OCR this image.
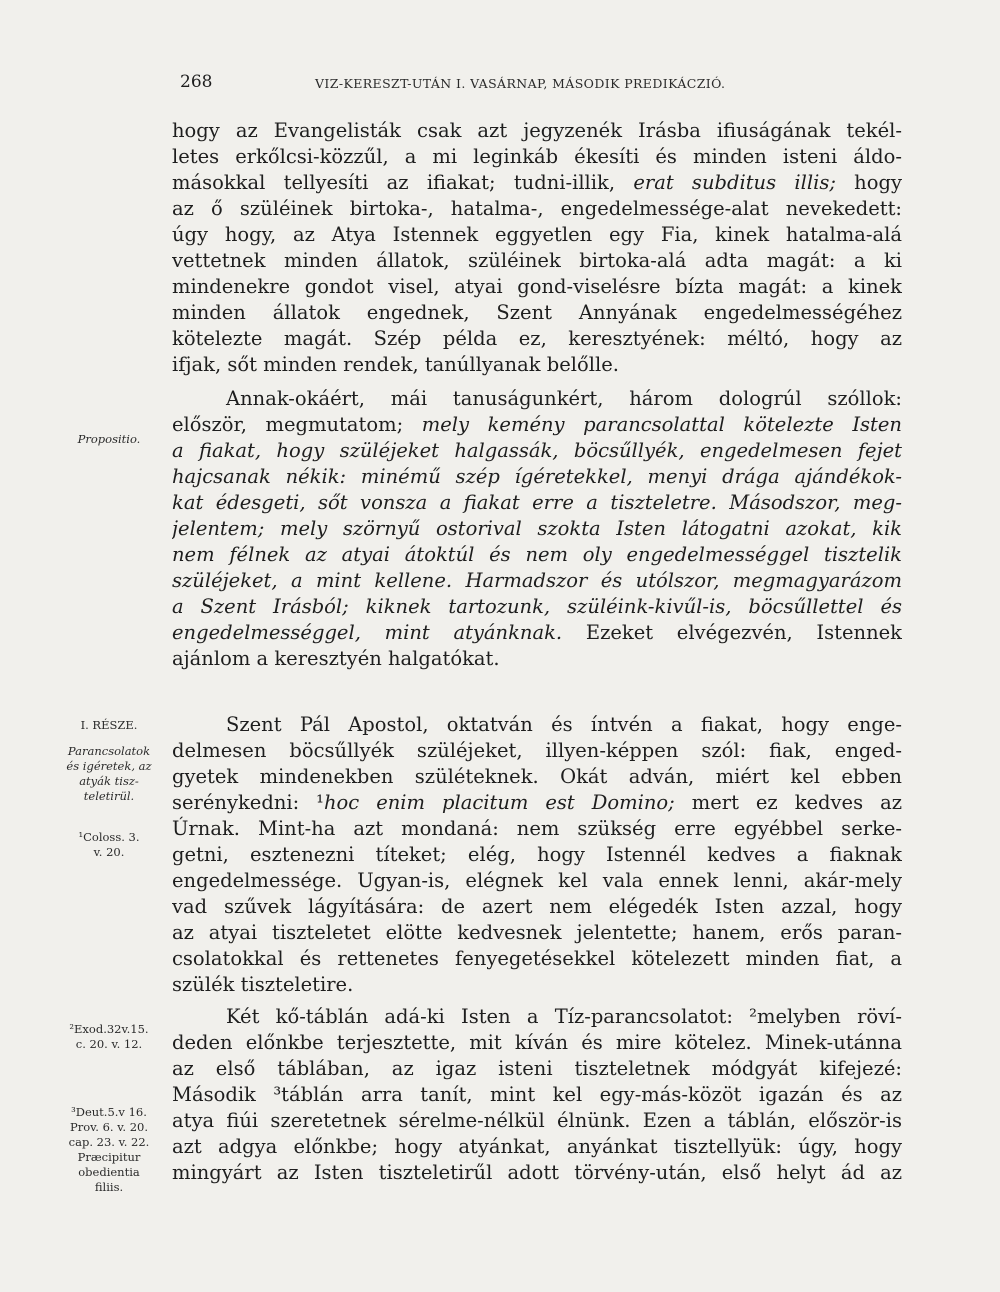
268	VIZ-KERESZT-UTÁN I. VASÁRNAP, MÁSODIK PREDIKÁCZIÓ.
hogy az Evangelisták csak azt jegyzenék Irásba ifiuságának tekél-
letes erkőlcsi-közzűl, a mi leginkáb ékesíti és minden isteni áldo-
másokkal tellyesíti az ifiakat; tudni-illik, erat subditus illis; hogy
az ő szüléinek birtoka-, hatalma-, engedelmessége-alat nevekedett:
úgy hogy, az Atya Istennek eggyetlen egy Fia, kinek hatalma-alá
vettetnek minden állatok, szüléinek birtoka-alá adta magát: a ki
mindenekre gondot visel, atyai gond-viselésre bízta magát: a kinek
minden állatok engednek, Szent Annyának engedelmességéhez
kötelezte magát. Szép példa ez, keresztyének: méltó, hogy az
ifjak, sőt minden rendek, tanúllyanak belőlle.
Annak-okáért, mái tanuságunkért, három dologrúl szóllok:
először, megmutatom; mely kemény parancsolattal kötelezte Isten
a fiakat, hogy szüléjeket halgassák, böcsűllyék, engedelmesen fejet
hajcsanak nékik: minémű szép ígéretekkel, menyi drága ajándékok-
kat édesgeti, sőt vonsza a fiakat erre a tiszteletre. Másodszor, meg-
jelentem; mely szörnyű ostorival szokta Isten látogatni azokat, kik
nem félnek az atyai átoktúl és nem oly engedelmességgel tisztelik
szüléjeket, a mint kellene. Harmadszor és utólszor, megmagyarázom
a Szent Irásból; kiknek tartozunk, szüléink-kivűl-is, böcsűllettel és
engedelmességgel, mint atyánknak. Ezeket elvégezvén, Istennek
ajánlom a keresztyén halgatókat.
Szent Pál Apostol, oktatván és íntvén a fiakat, hogy enge-
delmesen böcsűllyék szüléjeket, illyen-képpen szól: fiak, enged-
gyetek mindenekben szüléteknek. Okát adván, miért kel ebben
serénykedni: ¹hoc enim placitum est Domino; mert ez kedves az
Úrnak. Mint-ha azt mondaná: nem szükség erre egyébbel serke-
getni, esztenezni títeket; elég, hogy Istennél kedves a fiaknak
engedelmessége. Ugyan-is, elégnek kel vala ennek lenni, akár-mely
vad szűvek lágyítására: de azert nem elégedék Isten azzal, hogy
az atyai tiszteletet elötte kedvesnek jelentette; hanem, erős paran-
csolatokkal és rettenetes fenyegetésekkel kötelezett minden fiat, a
szülék tiszteletire.
Két kő-táblán adá-ki Isten a Tíz-parancsolatot: ²melyben röví-
deden előnkbe terjesztette, mit kíván és mire kötelez. Minek-utánna
az első táblában, az igaz isteni tiszteletnek módgyát kifejezé:
Második ³táblán arra tanít, mint kel egy-más-közöt igazán és az
atya fiúi szeretetnek sérelme-nélkül élnünk. Ezen a táblán, először-is
azt adgya előnkbe; hogy atyánkat, anyánkat tisztellyük: úgy, hogy
mingyárt az Isten tiszteletirűl adott törvény-után, első helyt ád az
Propositio.
I. RÉSZE.
Parancsolatok
és igéretek, az
atyák tisz-
teletirül.
¹Coloss. 3.
v. 20.
²Exod.32v.15.
c. 20. v. 12.
³Deut.5.v 16.
Prov. 6. v. 20.
cap. 23. v. 22.
Præcipitur
obedientia
filiis.
